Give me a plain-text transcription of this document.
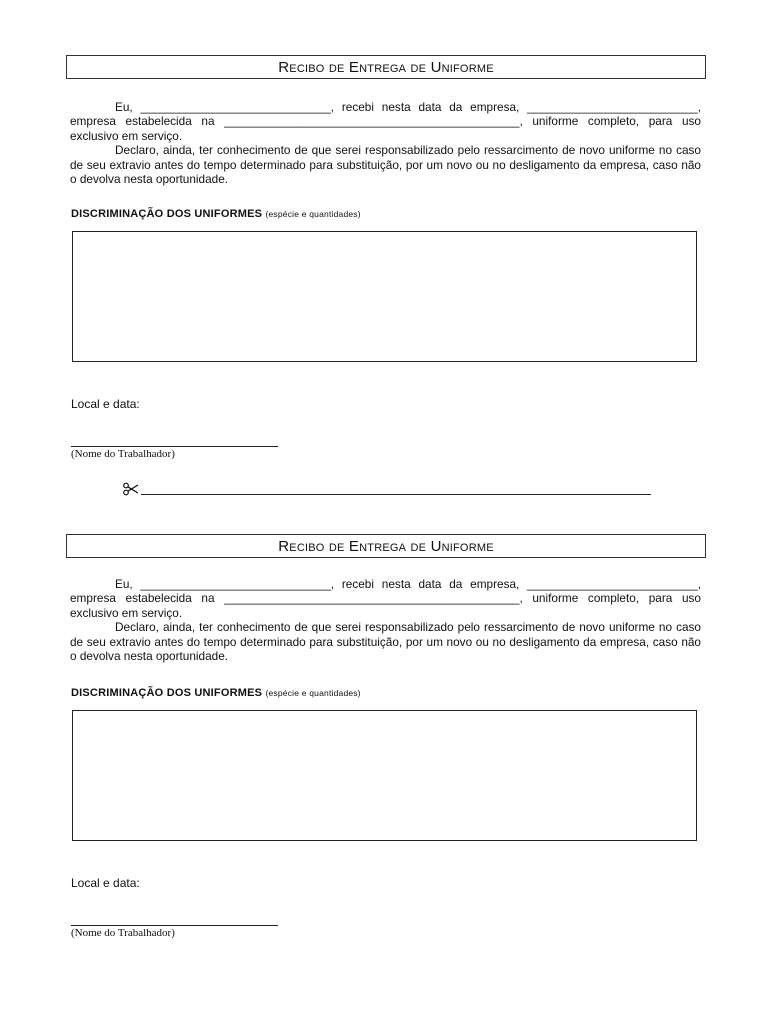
Recibo de Entrega de Uniforme

Eu, _____________________________, recebi nesta data da empresa, __________________________, empresa estabelecida na _____________________________________________, uniforme completo, para uso exclusivo em serviço.

Declaro, ainda, ter conhecimento de que serei responsabilizado pelo ressarcimento de novo uniforme no caso de seu extravio antes do tempo determinado para substituição, por um novo ou no desligamento da empresa, caso não o devolva nesta oportunidade.

DISCRIMINAÇÃO DOS UNIFORMES (espécie e quantidades)
Local e data:
(Nome do Trabalhador)
Recibo de Entrega de Uniforme

Eu, _____________________________, recebi nesta data da empresa, __________________________, empresa estabelecida na _____________________________________________, uniforme completo, para uso exclusivo em serviço.

Declaro, ainda, ter conhecimento de que serei responsabilizado pelo ressarcimento de novo uniforme no caso de seu extravio antes do tempo determinado para substituição, por um novo ou no desligamento da empresa, caso não o devolva nesta oportunidade.

DISCRIMINAÇÃO DOS UNIFORMES (espécie e quantidades)
Local e data:
(Nome do Trabalhador)
